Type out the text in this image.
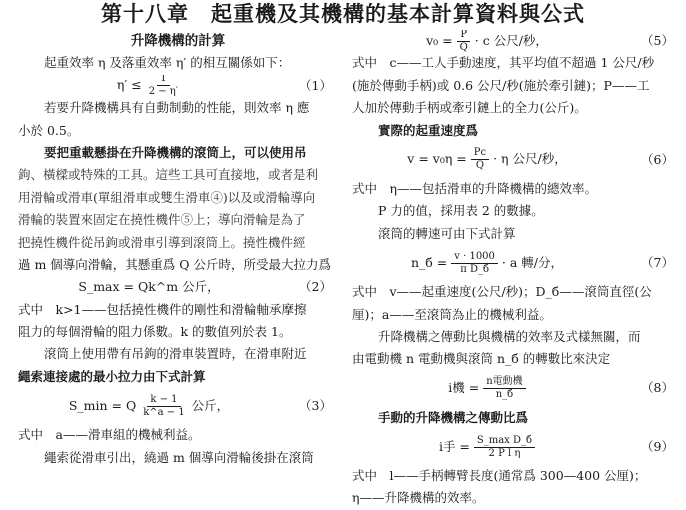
第十八章　起重機及其機構的基本計算資料與公式
升降機構的計算
起重效率 η 及落重效率 η′ 的相互關係如下：
$\eta' \le \frac{1}{2 - \eta'}$	（1）
若要升降機構具有自動制動的性能，則效率 η 應
小於 0.5。
要把重載懸掛在升降機構的滾筒上，可以使用吊
鉤、橫樑或特殊的工具。這些工具可直接地，或者是利
用滑輪或滑車(單組滑車或雙生滑車④)以及或滑輪導向
滑輪的裝置來固定在撓性機件⑤上；導向滑輪是為了
把撓性機件從吊鉤或滑車引導到滾筒上。撓性機件經
過 m 個導向滑輪，其懸重爲 Q 公斤時，所受最大拉力爲
S_max = Qk^m 公斤，	（2）
式中　k>1——包括撓性機件的剛性和滑輪軸承摩擦
阻力的每個滑輪的阻力係數。k 的數值列於表 1。
滾筒上使用帶有吊鉤的滑車裝置時，在滑車附近
繩索連接處的最小拉力由下式計算
S_min = Q $\frac{k - 1}{k\^{}a - 1}$ 公斤，	（3）
式中　a——滑車組的機械利益。
繩索從滑車引出，繞過 m 個導向滑輪後掛在滾筒
$v_0 = \frac{P}{Q} \cdot c$ 公尺/秒，	（5）
式中　c——工人手動速度，其平均值不超過 1 公尺/秒
(施於傳動手柄)或 0.6 公尺/秒(施於牽引鏈)；P——工
人加於傳動手柄或牽引鏈上的全力(公斤)。
實際的起重速度爲
$v = v_0\eta = \frac{Pc}{Q} \cdot \eta$ 公尺/秒，	（6）
式中　η——包括滑車的升降機構的總效率。
P 力的值，採用表 2 的數據。
滾筒的轉速可由下式計算
n_б = $\frac{v \cdot 1000}{\text{π D\_б}} \cdot a$ 轉/分，	（7）
式中　v——起重速度(公尺/秒)；D_б——滾筒直徑(公
厘)；a——至滾筒為止的機械利益。
升降機構之傳動比與機構的效率及式樣無關，而
由電動機 n 電動機與滾筒 n_б 的轉數比來決定
i機 = $\frac{\text{n電動機}}{n\_б}$	（8）
手動的升降機構之傳動比爲
i手 = $\frac{\text{S\_max D\_б}}{\text{2 P l η}}$	（9）
式中　l——手柄轉臂長度(通常爲 300—400 公厘)；
η——升降機構的效率。
